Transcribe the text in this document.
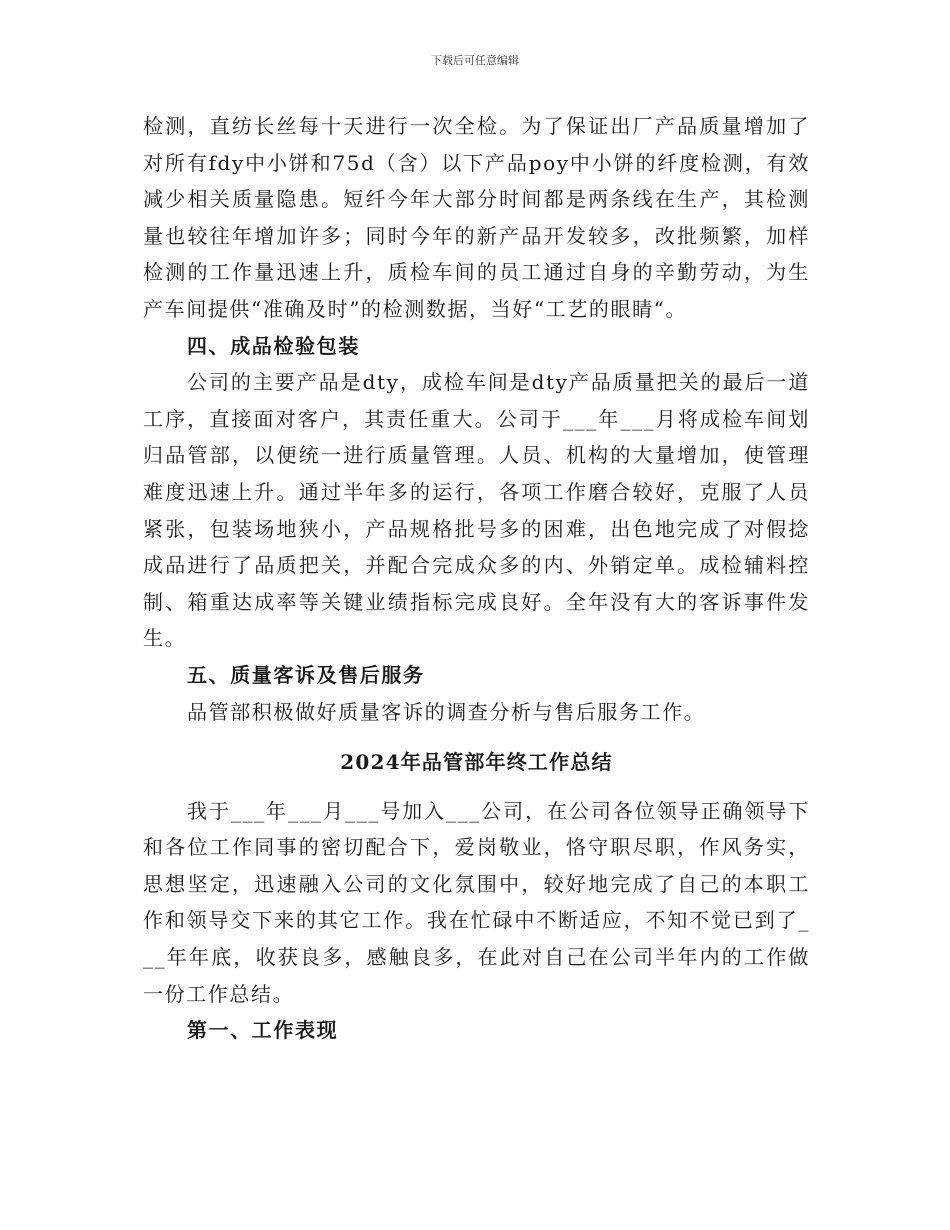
下载后可任意编辑

检测，直纺长丝每十天进行一次全检。为了保证出厂产品质量增加了对所有fdy中小饼和75d（含）以下产品poy中小饼的纤度检测，有效减少相关质量隐患。短纤今年大部分时间都是两条线在生产，其检测量也较往年增加许多；同时今年的新产品开发较多，改批频繁，加样检测的工作量迅速上升，质检车间的员工通过自身的辛勤劳动，为生产车间提供“准确及时”的检测数据，当好“工艺的眼睛“。

四、成品检验包装

公司的主要产品是dty，成检车间是dty产品质量把关的最后一道工序，直接面对客户，其责任重大。公司于___年___月将成检车间划归品管部，以便统一进行质量管理。人员、机构的大量增加，使管理难度迅速上升。通过半年多的运行，各项工作磨合较好，克服了人员紧张，包装场地狭小，产品规格批号多的困难，出色地完成了对假捻成品进行了品质把关，并配合完成众多的内、外销定单。成检辅料控制、箱重达成率等关键业绩指标完成良好。全年没有大的客诉事件发生。

五、质量客诉及售后服务

品管部积极做好质量客诉的调查分析与售后服务工作。

2024年品管部年终工作总结

我于___年___月___号加入___公司，在公司各位领导正确领导下和各位工作同事的密切配合下，爱岗敬业，恪守职尽职，作风务实，思想坚定，迅速融入公司的文化氛围中，较好地完成了自己的本职工作和领导交下来的其它工作。我在忙碌中不断适应，不知不觉已到了___年年底，收获良多，感触良多，在此对自己在公司半年内的工作做一份工作总结。

第一、工作表现
